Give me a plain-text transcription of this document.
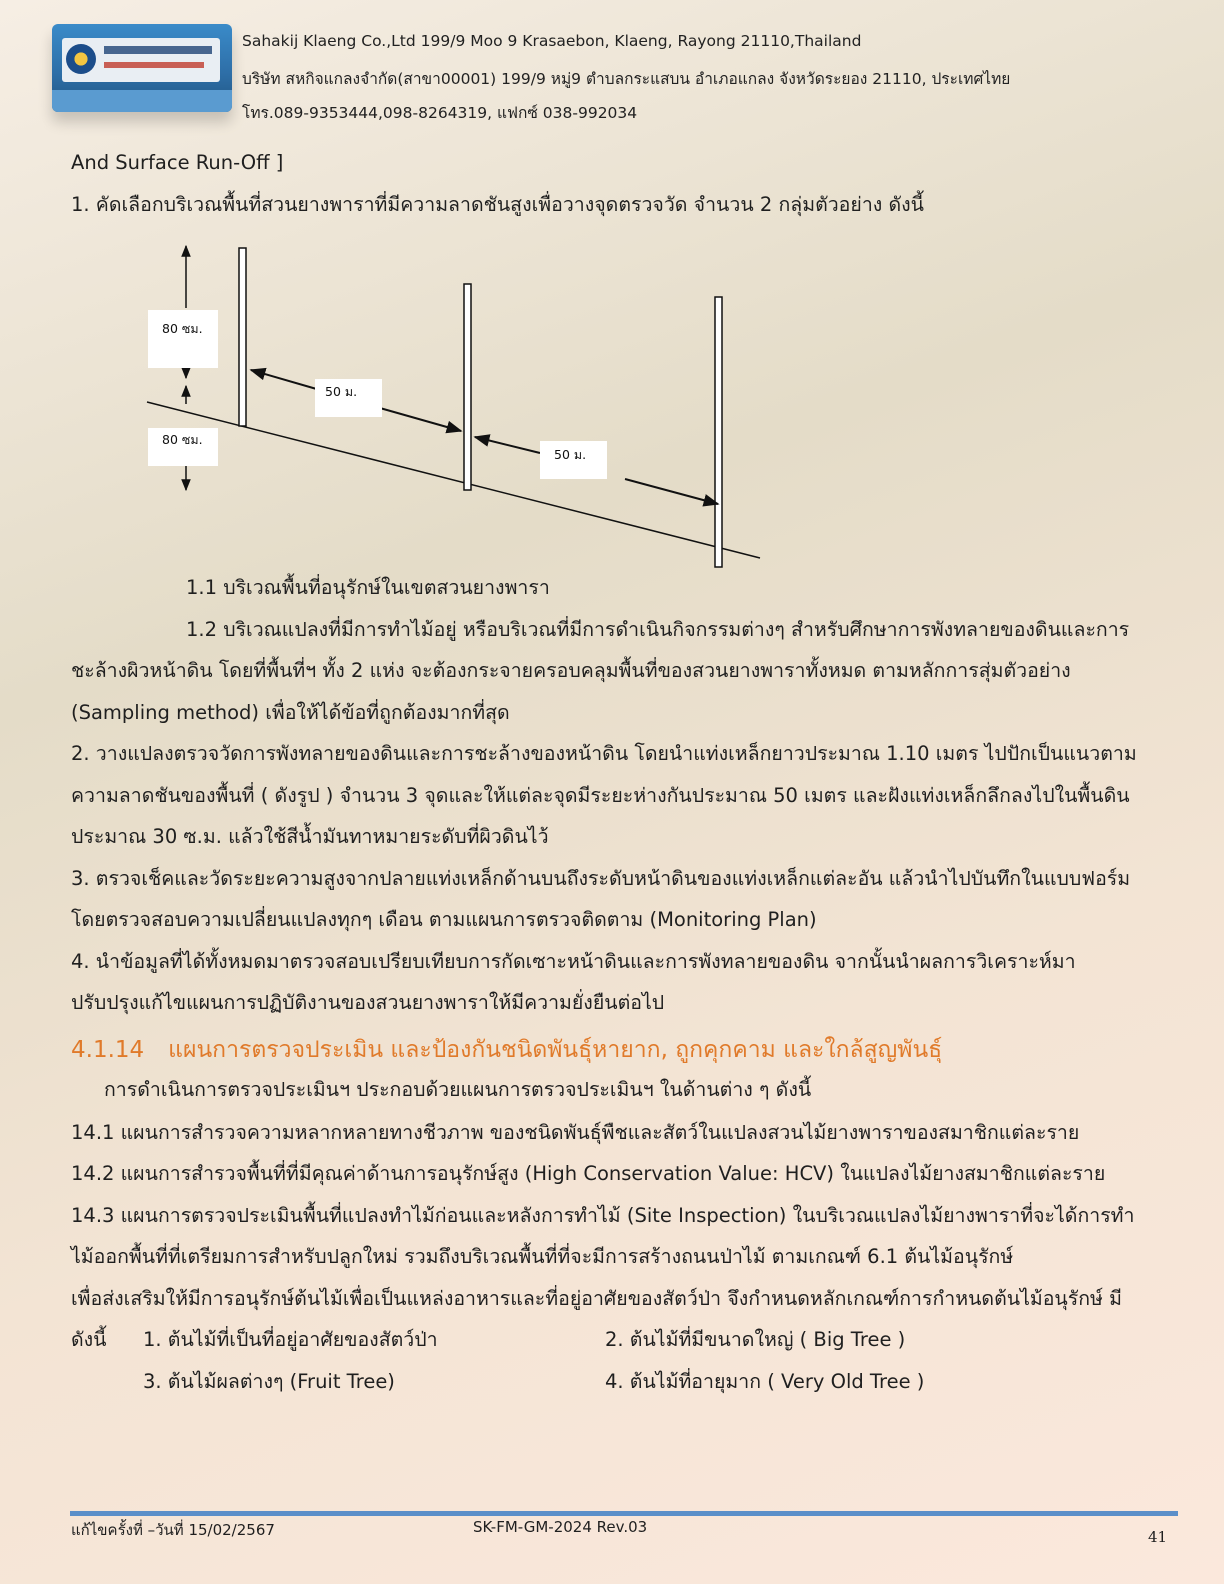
Sahakij Klaeng Co.,Ltd 199/9 Moo 9 Krasaebon, Klaeng, Rayong 21110,Thailand
บริษัท สหกิจแกลงจำกัด(สาขา00001) 199/9 หมู่9 ตำบลกระแสบน อำเภอแกลง จังหวัดระยอง 21110, ประเทศไทย
โทร.089-9353444,098-8264319, แฟกซ์ 038-992034
And Surface Run-Off ]
1. คัดเลือกบริเวณพื้นที่สวนยางพาราที่มีความลาดชันสูงเพื่อวางจุดตรวจวัด จำนวน 2 กลุ่มตัวอย่าง ดังนี้
80 ซม.
80 ซม.
50 ม.
50 ม.
1.1 บริเวณพื้นที่อนุรักษ์ในเขตสวนยางพารา
1.2 บริเวณแปลงที่มีการทำไม้อยู่ หรือบริเวณที่มีการดำเนินกิจกรรมต่างๆ สำหรับศึกษาการพังทลายของดินและการ
ชะล้างผิวหน้าดิน โดยที่พื้นที่ฯ ทั้ง 2 แห่ง จะต้องกระจายครอบคลุมพื้นที่ของสวนยางพาราทั้งหมด ตามหลักการสุ่มตัวอย่าง
(Sampling method) เพื่อให้ได้ข้อที่ถูกต้องมากที่สุด
2. วางแปลงตรวจวัดการพังทลายของดินและการชะล้างของหน้าดิน โดยนำแท่งเหล็กยาวประมาณ 1.10 เมตร ไปปักเป็นแนวตาม
ความลาดชันของพื้นที่ ( ดังรูป ) จำนวน 3 จุดและให้แต่ละจุดมีระยะห่างกันประมาณ 50 เมตร และฝังแท่งเหล็กลึกลงไปในพื้นดิน
ประมาณ 30 ซ.ม. แล้วใช้สีน้ำมันทาหมายระดับที่ผิวดินไว้
3. ตรวจเช็คและวัดระยะความสูงจากปลายแท่งเหล็กด้านบนถึงระดับหน้าดินของแท่งเหล็กแต่ละอัน แล้วนำไปบันทึกในแบบฟอร์ม
โดยตรวจสอบความเปลี่ยนแปลงทุกๆ เดือน ตามแผนการตรวจติดตาม (Monitoring Plan)
4. นำข้อมูลที่ได้ทั้งหมดมาตรวจสอบเปรียบเทียบการกัดเซาะหน้าดินและการพังทลายของดิน จากนั้นนำผลการวิเคราะห์มา
ปรับปรุงแก้ไขแผนการปฏิบัติงานของสวนยางพาราให้มีความยั่งยืนต่อไป
4.1.14 แผนการตรวจประเมิน และป้องกันชนิดพันธุ์หายาก, ถูกคุกคาม และใกล้สูญพันธุ์
การดำเนินการตรวจประเมินฯ ประกอบด้วยแผนการตรวจประเมินฯ ในด้านต่าง ๆ ดังนี้
14.1 แผนการสำรวจความหลากหลายทางชีวภาพ ของชนิดพันธุ์พืชและสัตว์ในแปลงสวนไม้ยางพาราของสมาชิกแต่ละราย
14.2 แผนการสำรวจพื้นที่ที่มีคุณค่าด้านการอนุรักษ์สูง (High Conservation Value: HCV) ในแปลงไม้ยางสมาชิกแต่ละราย
14.3 แผนการตรวจประเมินพื้นที่แปลงทำไม้ก่อนและหลังการทำไม้ (Site Inspection) ในบริเวณแปลงไม้ยางพาราที่จะได้การทำ
ไม้ออกพื้นที่ที่เตรียมการสำหรับปลูกใหม่ รวมถึงบริเวณพื้นที่ที่จะมีการสร้างถนนป่าไม้ ตามเกณฑ์ 6.1 ต้นไม้อนุรักษ์
เพื่อส่งเสริมให้มีการอนุรักษ์ต้นไม้เพื่อเป็นแหล่งอาหารและที่อยู่อาศัยของสัตว์ป่า จึงกำหนดหลักเกณฑ์การกำหนดต้นไม้อนุรักษ์ มี
ดังนี้ 1. ต้นไม้ที่เป็นที่อยู่อาศัยของสัตว์ป่า	2. ต้นไม้ที่มีขนาดใหญ่ ( Big Tree )
3. ต้นไม้ผลต่างๆ (Fruit Tree)	4. ต้นไม้ที่อายุมาก ( Very Old Tree )
แก้ไขครั้งที่ –วันที่ 15/02/2567	SK-FM-GM-2024 Rev.03
41
